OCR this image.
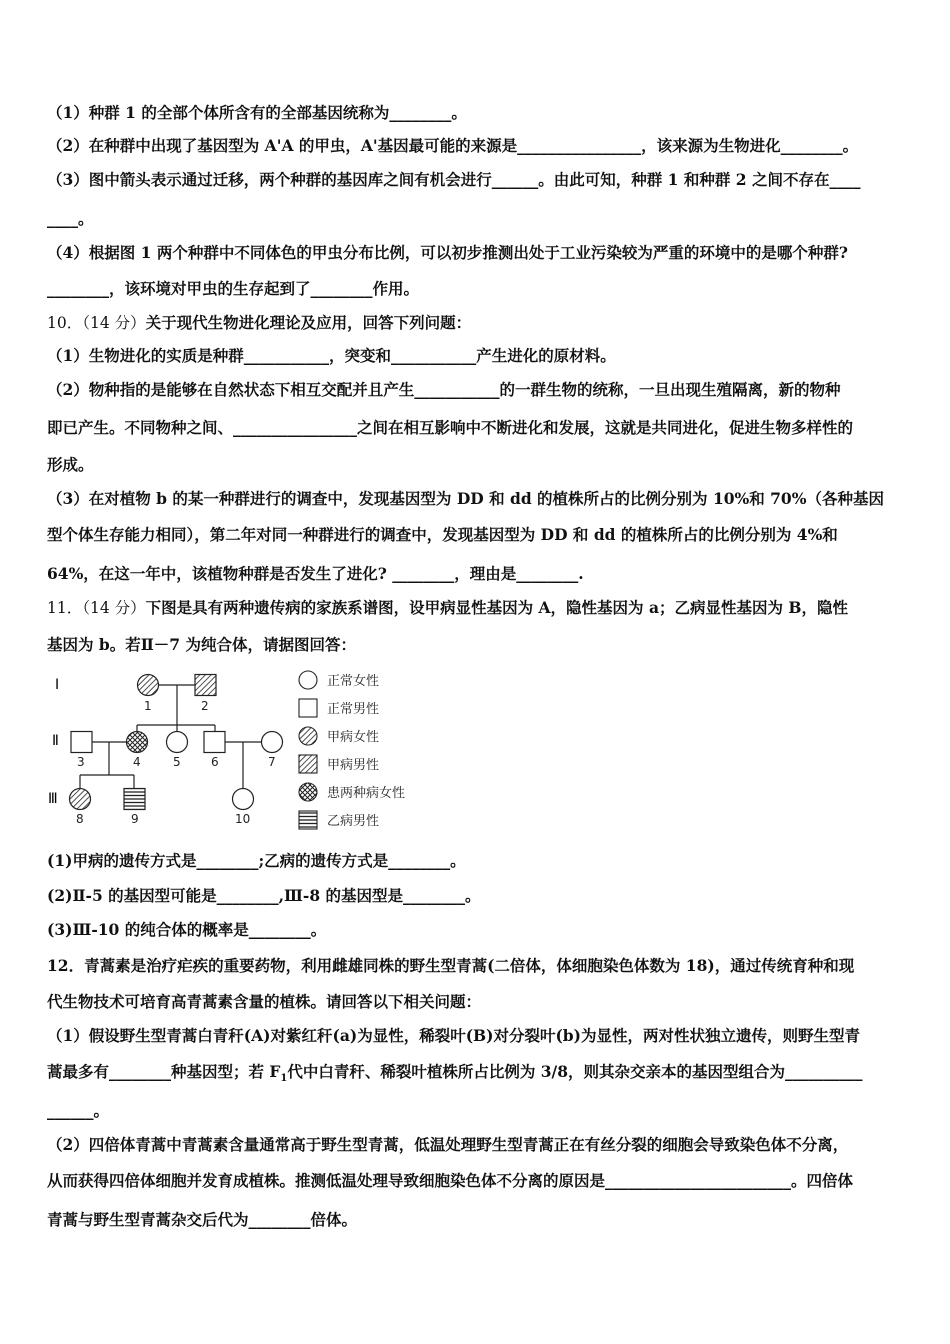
（1）种群 1 的全部个体所含有的全部基因统称为________。
（2）在种群中出现了基因型为 A'A 的甲虫，A'基因最可能的来源是________________，该来源为生物进化________。
（3）图中箭头表示通过迁移，两个种群的基因库之间有机会进行______。由此可知，种群 1 和种群 2 之间不存在____
____。
（4）根据图 1 两个种群中不同体色的甲虫分布比例，可以初步推测出处于工业污染较为严重的环境中的是哪个种群?
________，该环境对甲虫的生存起到了________作用。
10．（14 分）关于现代生物进化理论及应用，回答下列问题：
（1）生物进化的实质是种群___________，突变和___________产生进化的原材料。
（2）物种指的是能够在自然状态下相互交配并且产生___________的一群生物的统称，一旦出现生殖隔离，新的物种
即已产生。不同物种之间、________________之间在相互影响中不断进化和发展，这就是共同进化，促进生物多样性的
形成。
（3）在对植物 b 的某一种群进行的调查中，发现基因型为 DD 和 dd 的植株所占的比例分别为 10%和 70%（各种基因
型个体生存能力相同），第二年对同一种群进行的调查中，发现基因型为 DD 和 dd 的植株所占的比例分别为 4%和
64%，在这一年中，该植物种群是否发生了进化? ________，理由是________.
11．（14 分）下图是具有两种遗传病的家族系谱图，设甲病显性基因为 A，隐性基因为 a；乙病显性基因为 B，隐性
基因为 b。若Ⅱ－7 为纯合体，请据图回答：
Ⅰ
Ⅱ
Ⅲ
1	2
3	4	5	6	7
8	9	10
正常女性
正常男性
甲病女性
甲病男性
患两种病女性
乙病男性
(1)甲病的遗传方式是________;乙病的遗传方式是________。
(2)Ⅱ-5 的基因型可能是________,Ⅲ-8 的基因型是________。
(3)Ⅲ-10 的纯合体的概率是________。
12．青蒿素是治疗疟疾的重要药物，利用雌雄同株的野生型青蒿(二倍体，体细胞染色体数为 18)，通过传统育种和现
代生物技术可培育高青蒿素含量的植株。请回答以下相关问题：
（1）假设野生型青蒿白青秆(A)对紫红秆(a)为显性，稀裂叶(B)对分裂叶(b)为显性，两对性状独立遗传，则野生型青
蒿最多有________种基因型；若 $F_1$代中白青秆、稀裂叶植株所占比例为 3/8，则其杂交亲本的基因型组合为__________
______。
（2）四倍体青蒿中青蒿素含量通常高于野生型青蒿，低温处理野生型青蒿正在有丝分裂的细胞会导致染色体不分离，
从而获得四倍体细胞并发育成植株。推测低温处理导致细胞染色体不分离的原因是________________________。四倍体
青蒿与野生型青蒿杂交后代为________倍体。
